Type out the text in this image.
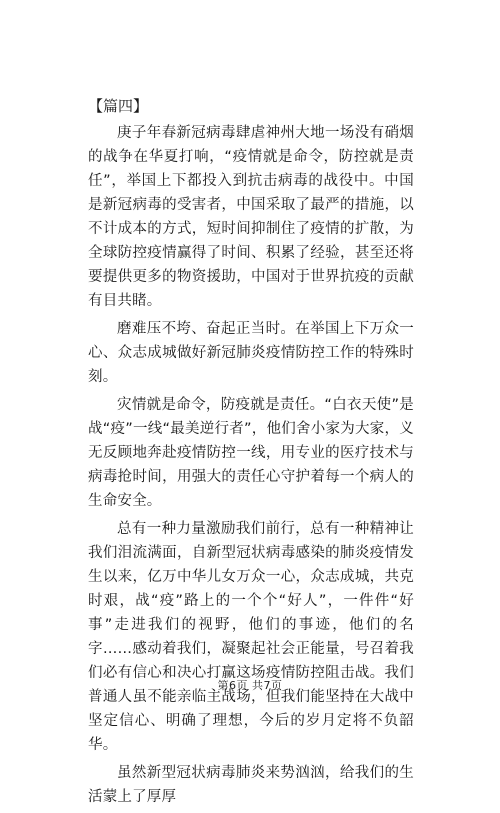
【篇四】

庚子年春新冠病毒肆虐神州大地一场没有硝烟的战争在华夏打响，“疫情就是命令，防控就是责任”，举国上下都投入到抗击病毒的战役中。中国是新冠病毒的受害者，中国采取了最严的措施，以不计成本的方式，短时间抑制住了疫情的扩散，为全球防控疫情赢得了时间、积累了经验，甚至还将要提供更多的物资援助，中国对于世界抗疫的贡献有目共睹。

磨难压不垮、奋起正当时。在举国上下万众一心、众志成城做好新冠肺炎疫情防控工作的特殊时刻。

灾情就是命令，防疫就是责任。“白衣天使”是战“疫”一线“最美逆行者”，他们舍小家为大家，义无反顾地奔赴疫情防控一线，用专业的医疗技术与病毒抢时间，用强大的责任心守护着每一个病人的生命安全。

总有一种力量激励我们前行，总有一种精神让我们泪流满面，自新型冠状病毒感染的肺炎疫情发生以来，亿万中华儿女万众一心，众志成城，共克时艰，战“疫”路上的一个个“好人”，一件件“好事”走进我们的视野，他们的事迹，他们的名字……感动着我们，凝聚起社会正能量，号召着我们必有信心和决心打赢这场疫情防控阻击战。我们普通人虽不能亲临主战场，但我们能坚持在大战中坚定信心、明确了理想，今后的岁月定将不负韶华。

虽然新型冠状病毒肺炎来势汹汹，给我们的生活蒙上了厚厚

第6页 共7页
